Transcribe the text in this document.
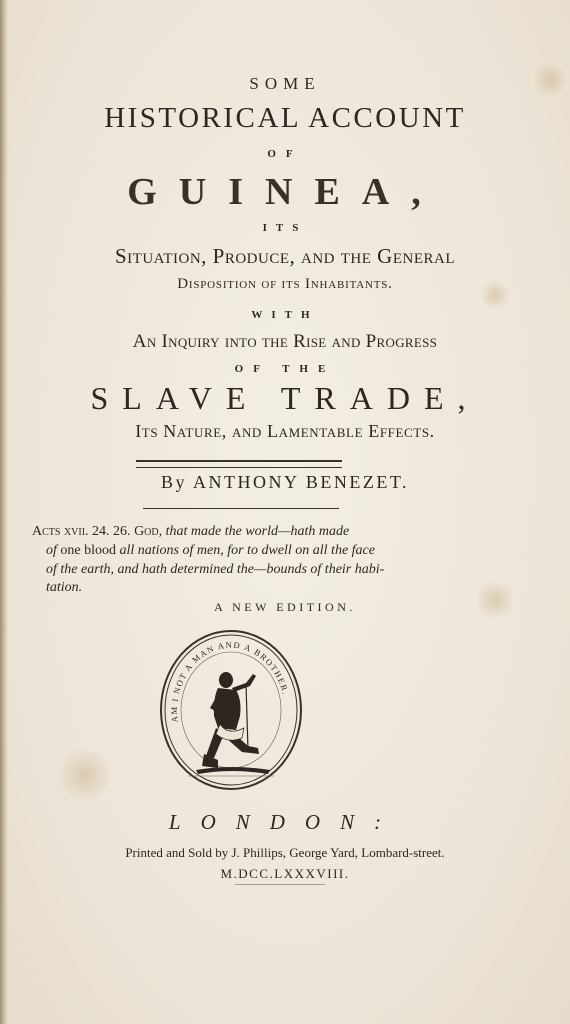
SOME
HISTORICAL ACCOUNT
OF
GUINEA,
ITS
Situation, Produce, and the General
Disposition of its Inhabitants.
WITH
An Inquiry into the Rise and Progress
OF THE
SLAVE TRADE,
Its Nature, and Lamentable Effects.
By ANTHONY BENEZET.
Acts xvii. 24. 26. God, that made the world—hath made
of one blood all nations of men, for to dwell on all the face
of the earth, and hath determined the—bounds of their habi-
tation.
A NEW EDITION.
AM I NOT A MAN AND A BROTHER.
LONDON:
Printed and Sold by J. Phillips, George Yard, Lombard-street.
M.DCC.LXXXVIII.
